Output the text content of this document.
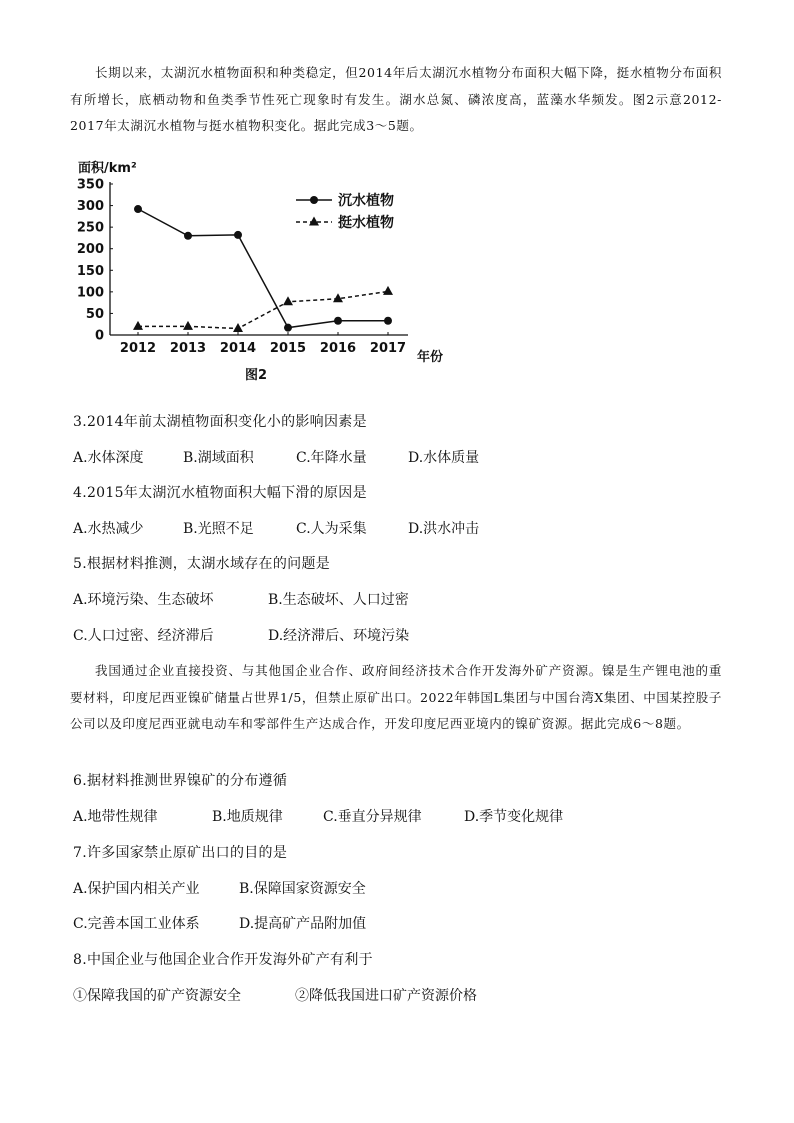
长期以来，太湖沉水植物面积和种类稳定，但2014年后太湖沉水植物分布面积大幅下降，挺水植物分布面积有所增长，底栖动物和鱼类季节性死亡现象时有发生。湖水总氮、磷浓度高，蓝藻水华频发。图2示意2012-2017年太湖沉水植物与挺水植物积变化。据此完成3～5题。

0
50
100
150
200
250
300
350
2012 2013 2014 2015 2016 2017
沉水植物
挺水植物
面积/km²
年份
图2

3.2014年前太湖植物面积变化小的影响因素是

A.水体深度	B.湖域面积	C.年降水量	D.水体质量

4.2015年太湖沉水植物面积大幅下滑的原因是

A.水热减少	B.光照不足	C.人为采集	D.洪水冲击

5.根据材料推测，太湖水域存在的问题是

A.环境污染、生态破坏	B.生态破坏、人口过密
C.人口过密、经济滞后	D.经济滞后、环境污染

我国通过企业直接投资、与其他国企业合作、政府间经济技术合作开发海外矿产资源。镍是生产锂电池的重要材料，印度尼西亚镍矿储量占世界1/5，但禁止原矿出口。2022年韩国L集团与中国台湾X集团、中国某控股子公司以及印度尼西亚就电动车和零部件生产达成合作，开发印度尼西亚境内的镍矿资源。据此完成6～8题。

6.据材料推测世界镍矿的分布遵循

A.地带性规律	B.地质规律	C.垂直分异规律	D.季节变化规律

7.许多国家禁止原矿出口的目的是

A.保护国内相关产业	B.保障国家资源安全
C.完善本国工业体系	D.提高矿产品附加值

8.中国企业与他国企业合作开发海外矿产有利于

①保障我国的矿产资源安全	②降低我国进口矿产资源价格
